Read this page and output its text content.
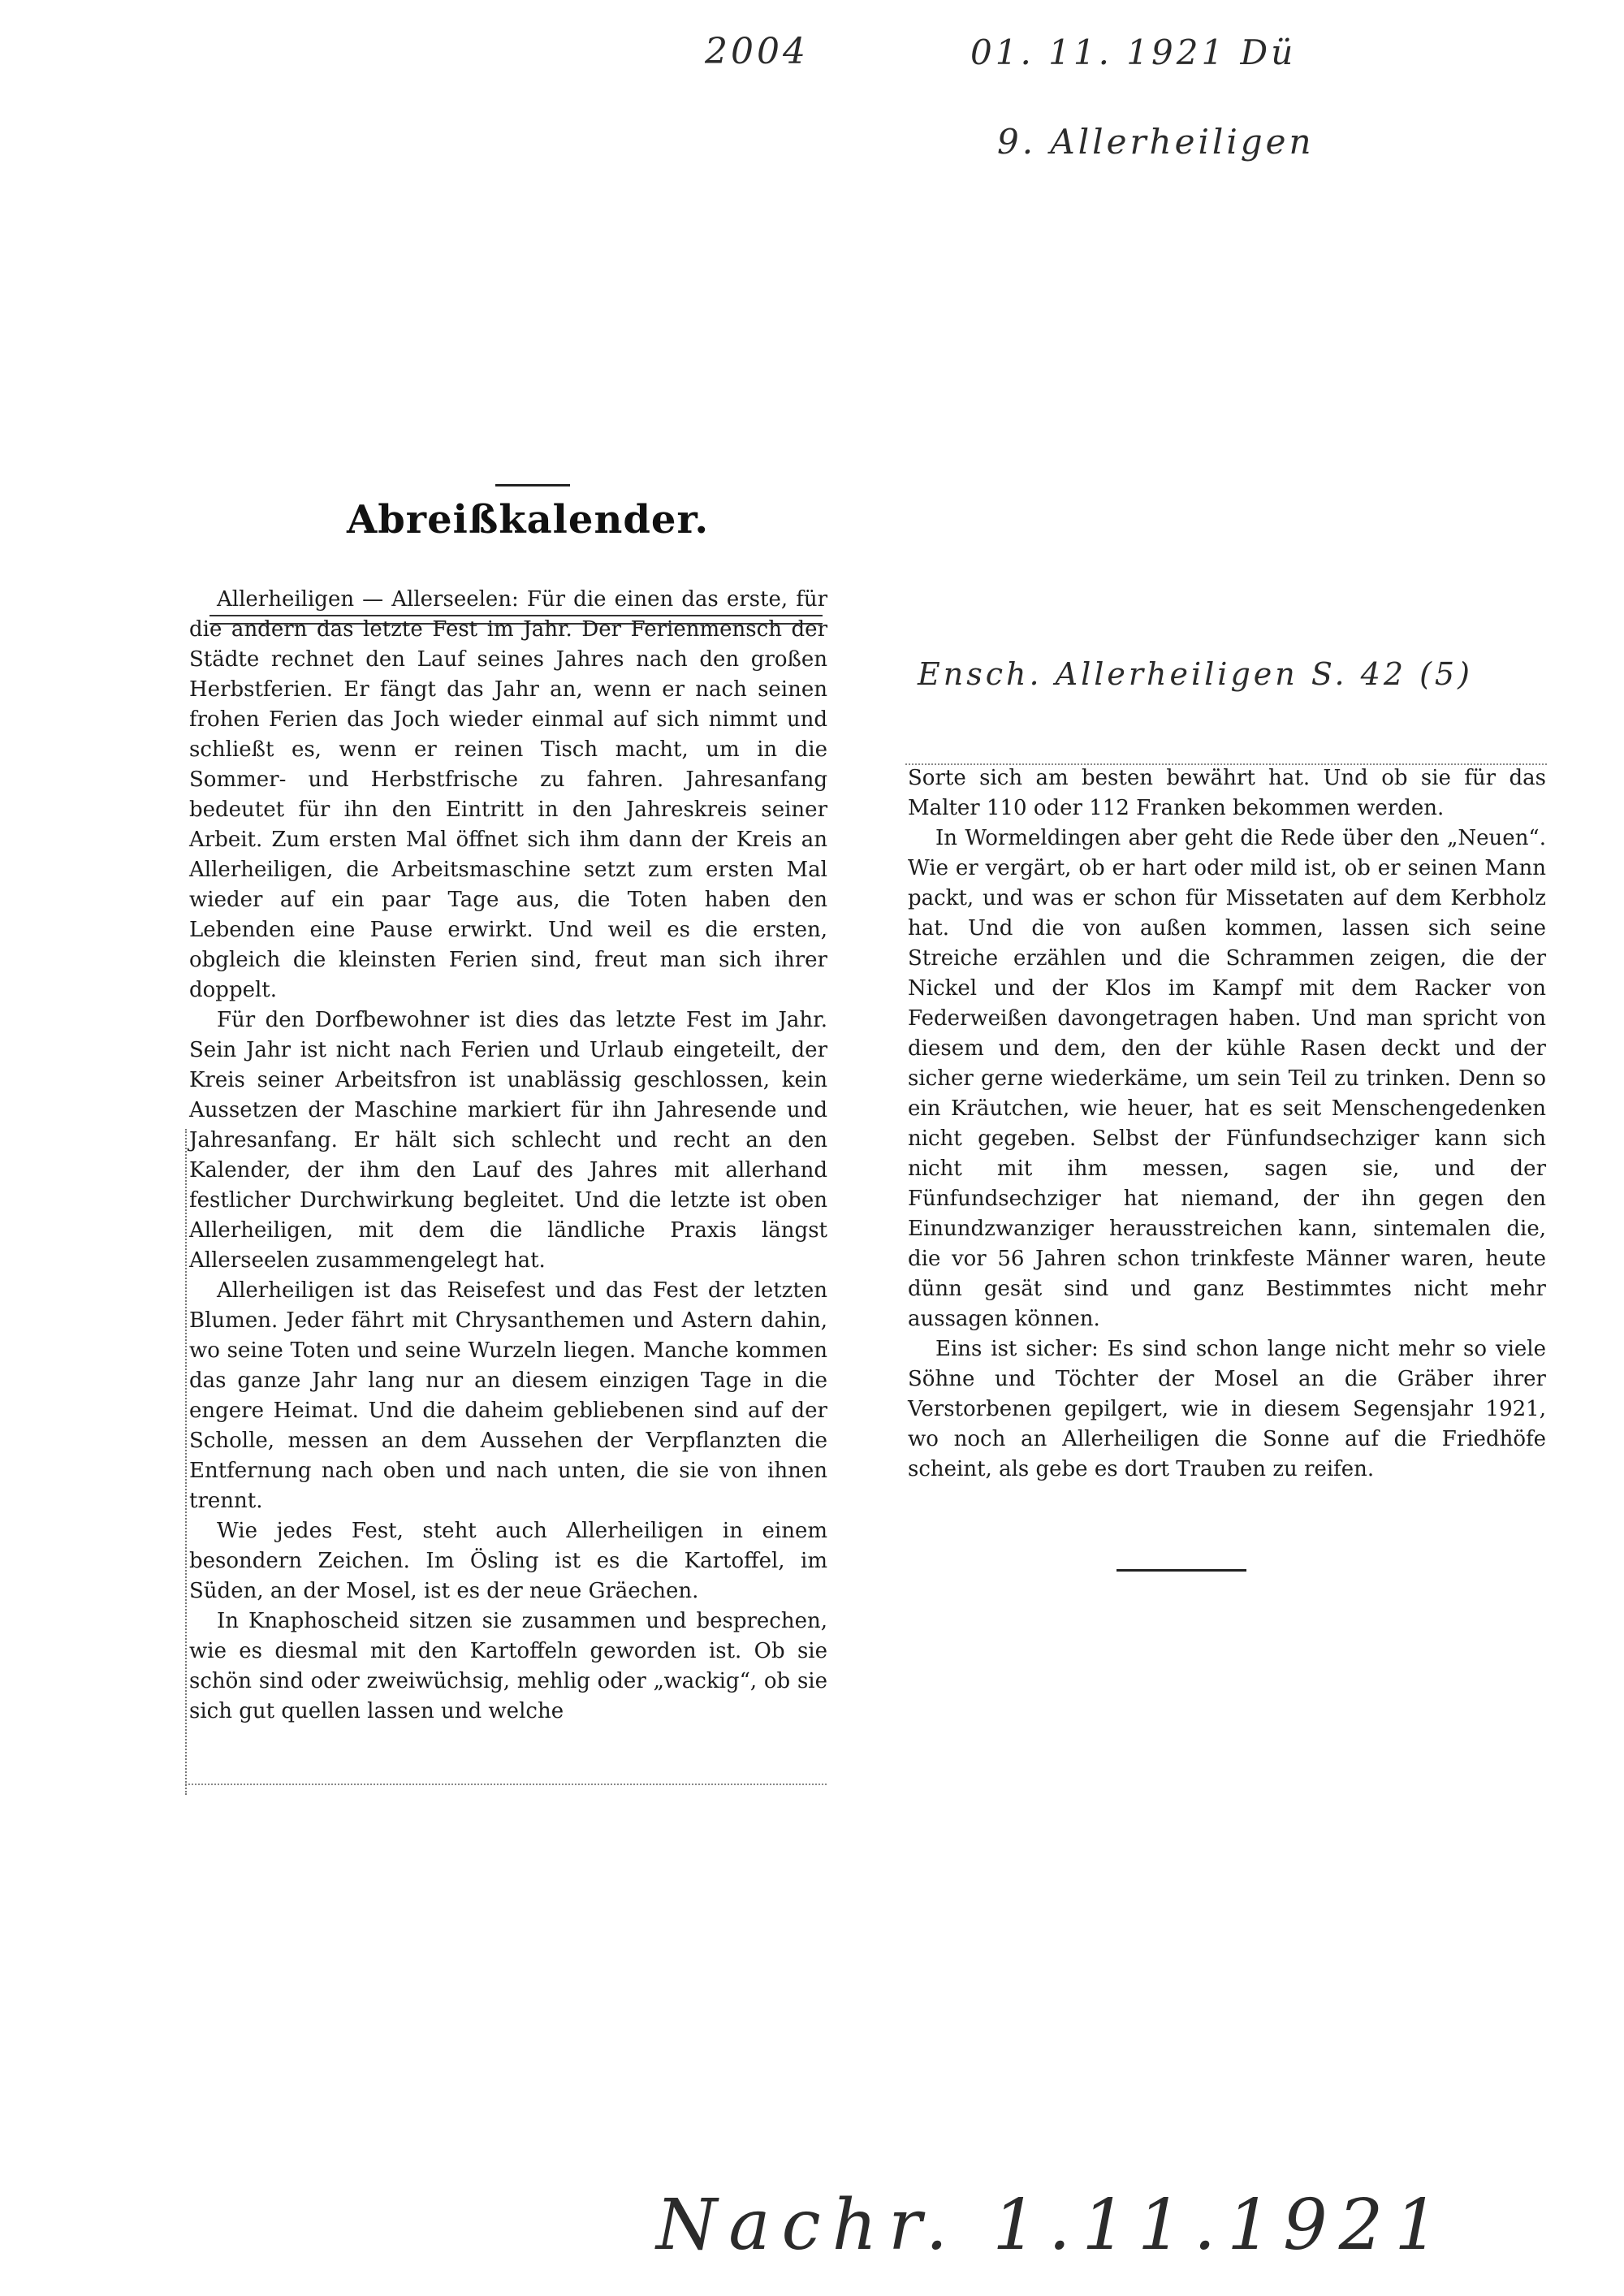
2004	01. 11. 1921 Dü
9. Allerheiligen
Ensch. Allerheiligen S. 42 (5)
Nachr. 1.11.1921
Abreißkalender.

Allerheiligen — Allerseelen: Für die einen das erste, für die andern das letzte Fest im Jahr. Der Ferienmensch der Städte rechnet den Lauf seines Jahres nach den großen Herbstferien. Er fängt das Jahr an, wenn er nach seinen frohen Ferien das Joch wieder einmal auf sich nimmt und schließt es, wenn er reinen Tisch macht, um in die Sommer- und Herbstfrische zu fahren. Jahresanfang bedeutet für ihn den Eintritt in den Jahreskreis seiner Arbeit. Zum ersten Mal öffnet sich ihm dann der Kreis an Allerheiligen, die Arbeitsmaschine setzt zum ersten Mal wieder auf ein paar Tage aus, die Toten haben den Lebenden eine Pause erwirkt. Und weil es die ersten, obgleich die kleinsten Ferien sind, freut man sich ihrer doppelt.

Für den Dorfbewohner ist dies das letzte Fest im Jahr. Sein Jahr ist nicht nach Ferien und Urlaub eingeteilt, der Kreis seiner Arbeitsfron ist unablässig geschlossen, kein Aussetzen der Maschine markiert für ihn Jahresende und Jahresanfang. Er hält sich schlecht und recht an den Kalender, der ihm den Lauf des Jahres mit allerhand festlicher Durchwirkung begleitet. Und die letzte ist oben Allerheiligen, mit dem die ländliche Praxis längst Allerseelen zusammengelegt hat.

Allerheiligen ist das Reisefest und das Fest der letzten Blumen. Jeder fährt mit Chrysanthemen und Astern dahin, wo seine Toten und seine Wurzeln liegen. Manche kommen das ganze Jahr lang nur an diesem einzigen Tage in die engere Heimat. Und die daheim gebliebenen sind auf der Scholle, messen an dem Aussehen der Verpflanzten die Entfernung nach oben und nach unten, die sie von ihnen trennt.

Wie jedes Fest, steht auch Allerheiligen in einem besondern Zeichen. Im Ösling ist es die Kartoffel, im Süden, an der Mosel, ist es der neue Gräechen.

In Knaphoscheid sitzen sie zusammen und besprechen, wie es diesmal mit den Kartoffeln geworden ist. Ob sie schön sind oder zweiwüchsig, mehlig oder „wackig“, ob sie sich gut quellen lassen und welche

Sorte sich am besten bewährt hat. Und ob sie für das Malter 110 oder 112 Franken bekommen werden.

In Wormeldingen aber geht die Rede über den „Neuen“. Wie er vergärt, ob er hart oder mild ist, ob er seinen Mann packt, und was er schon für Missetaten auf dem Kerbholz hat. Und die von außen kommen, lassen sich seine Streiche erzählen und die Schrammen zeigen, die der Nickel und der Klos im Kampf mit dem Racker von Federweißen davongetragen haben. Und man spricht von diesem und dem, den der kühle Rasen deckt und der sicher gerne wiederkäme, um sein Teil zu trinken. Denn so ein Kräutchen, wie heuer, hat es seit Menschengedenken nicht gegeben. Selbst der Fünfundsechziger kann sich nicht mit ihm messen, sagen sie, und der Fünfundsechziger hat niemand, der ihn gegen den Einundzwanziger herausstreichen kann, sintemalen die, die vor 56 Jahren schon trinkfeste Männer waren, heute dünn gesät sind und ganz Bestimmtes nicht mehr aussagen können.

Eins ist sicher: Es sind schon lange nicht mehr so viele Söhne und Töchter der Mosel an die Gräber ihrer Verstorbenen gepilgert, wie in diesem Segensjahr 1921, wo noch an Allerheiligen die Sonne auf die Friedhöfe scheint, als gebe es dort Trauben zu reifen.
